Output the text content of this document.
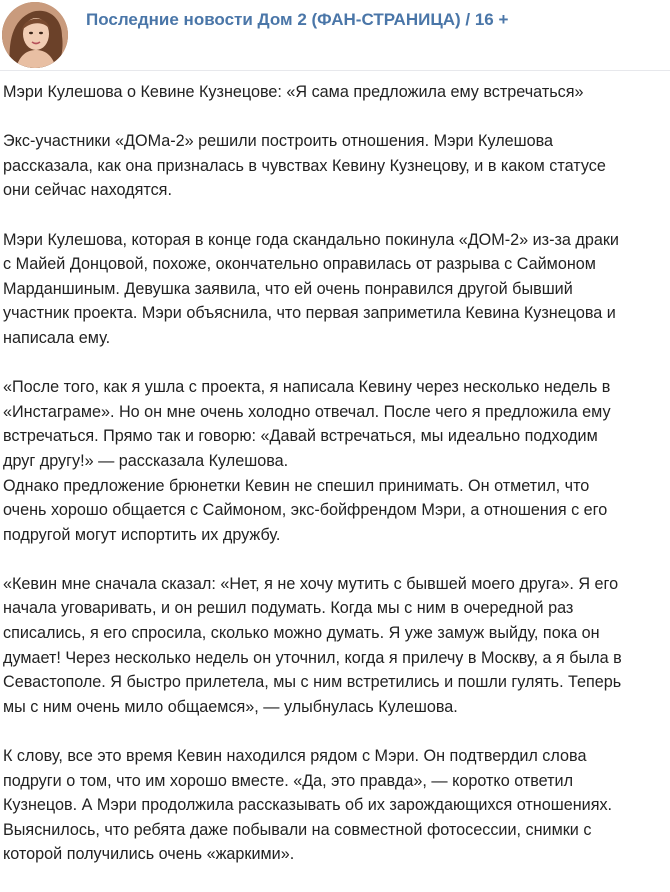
Последние новости Дом 2 (ФАН-СТРАНИЦА) / 16 +

Мэри Кулешова о Кевине Кузнецове: «Я сама предложила ему встречаться»

Экс-участники «ДОМа-2» решили построить отношения. Мэри Кулешова
рассказала, как она призналась в чувствах Кевину Кузнецову, и в каком статусе
они сейчас находятся.

Мэри Кулешова, которая в конце года скандально покинула «ДОМ-2» из-за драки
с Майей Донцовой, похоже, окончательно оправилась от разрыва с Саймоном
Марданшиным. Девушка заявила, что ей очень понравился другой бывший
участник проекта. Мэри объяснила, что первая заприметила Кевина Кузнецова и
написала ему.

«После того, как я ушла с проекта, я написала Кевину через несколько недель в
«Инстаграме». Но он мне очень холодно отвечал. После чего я предложила ему
встречаться. Прямо так и говорю: «Давай встречаться, мы идеально подходим
друг другу!» — рассказала Кулешова.
Однако предложение брюнетки Кевин не спешил принимать. Он отметил, что
очень хорошо общается с Саймоном, экс-бойфрендом Мэри, а отношения с его
подругой могут испортить их дружбу.

«Кевин мне сначала сказал: «Нет, я не хочу мутить с бывшей моего друга». Я его
начала уговаривать, и он решил подумать. Когда мы с ним в очередной раз
списались, я его спросила, сколько можно думать. Я уже замуж выйду, пока он
думает! Через несколько недель он уточнил, когда я прилечу в Москву, а я была в
Севастополе. Я быстро прилетела, мы с ним встретились и пошли гулять. Теперь
мы с ним очень мило общаемся», — улыбнулась Кулешова.

К слову, все это время Кевин находился рядом с Мэри. Он подтвердил слова
подруги о том, что им хорошо вместе. «Да, это правда», — коротко ответил
Кузнецов. А Мэри продолжила рассказывать об их зарождающихся отношениях.
Выяснилось, что ребята даже побывали на совместной фотосессии, снимки с
которой получились очень «жаркими».
